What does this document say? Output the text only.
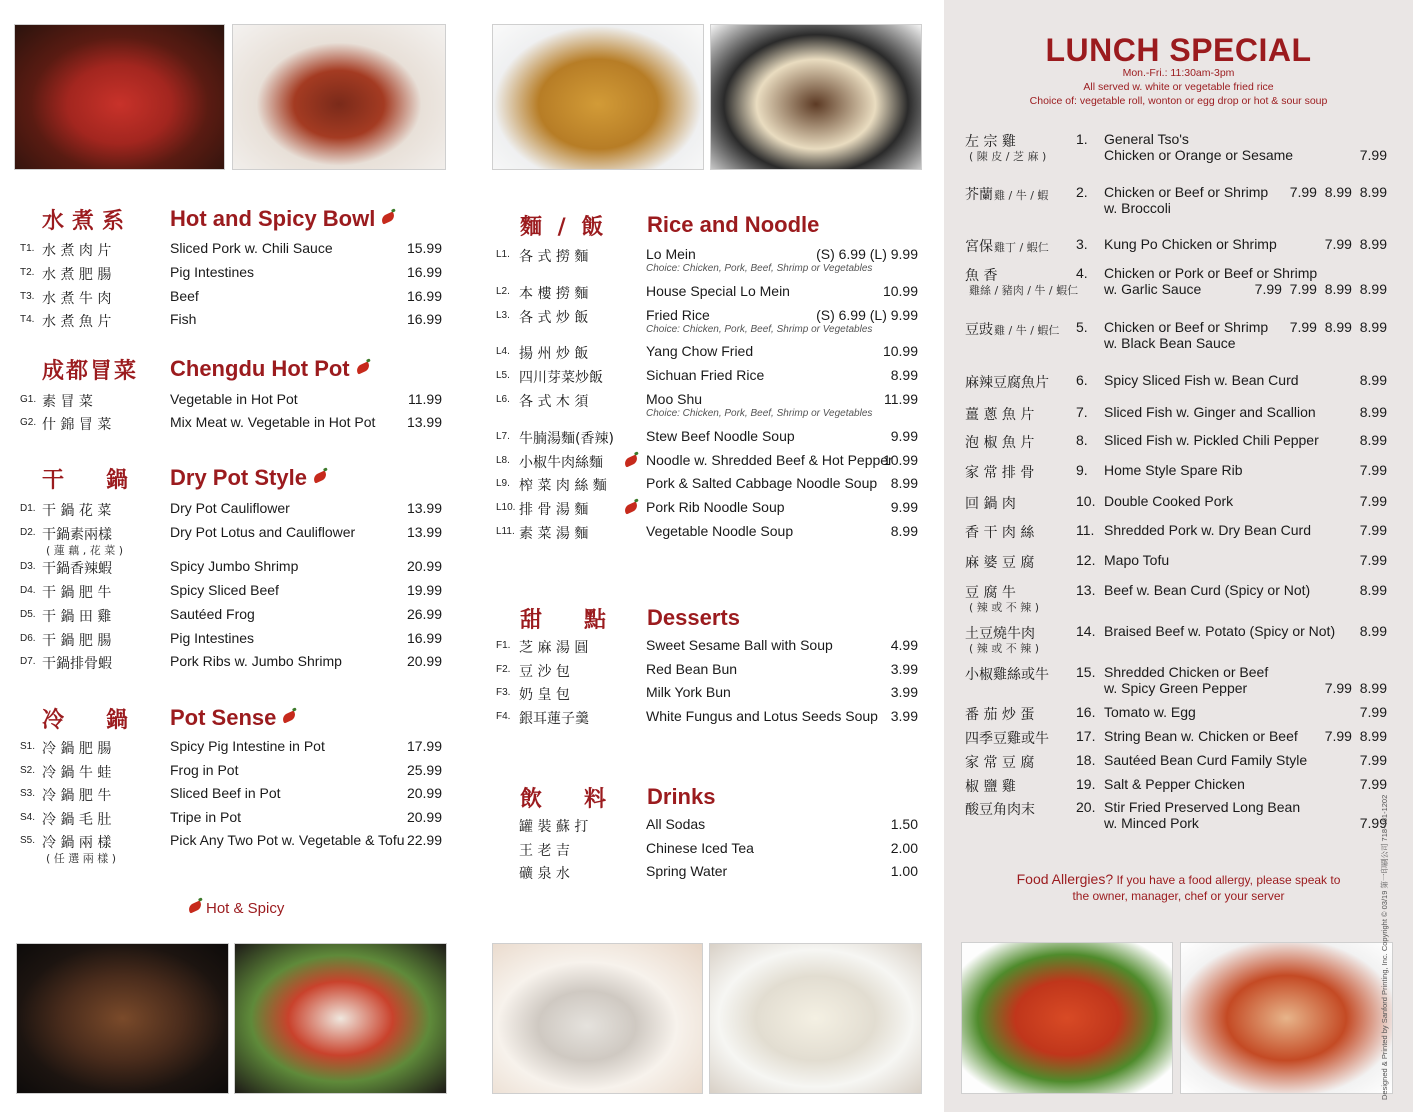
水煮系 Hot and Spicy Bowl
T1. 水 煮 肉 片	Sliced Pork w. Chili Sauce	15.99
T2. 水 煮 肥 腸	Pig Intestines	16.99
T3. 水 煮 牛 肉	Beef	16.99
T4. 水 煮 魚 片	Fish	16.99
成都冒菜 Chengdu Hot Pot
G1. 素 冒 菜	Vegetable in Hot Pot	11.99
G2. 什 錦 冒 菜	Mix Meat w. Vegetable in Hot Pot	13.99
干　鍋 Dry Pot Style
D1. 干 鍋 花 菜	Dry Pot Cauliflower	13.99
D2. 干鍋素兩樣
( 蓮 藕 , 花 菜 )
Dry Pot Lotus and Cauliflower	13.99
D3. 干鍋香辣蝦	Spicy Jumbo Shrimp	20.99
D4. 干 鍋 肥 牛	Spicy Sliced Beef	19.99
D5. 干 鍋 田 雞	Sautéed Frog	26.99
D6. 干 鍋 肥 腸	Pig Intestines	16.99
D7. 干鍋排骨蝦	Pork Ribs w. Jumbo Shrimp	20.99
冷　鍋 Pot Sense
S1. 冷 鍋 肥 腸	Spicy Pig Intestine in Pot	17.99
S2. 冷 鍋 牛 蛙	Frog in Pot	25.99
S3. 冷 鍋 肥 牛	Sliced Beef in Pot	20.99
S4. 冷 鍋 毛 肚	Tripe in Pot	20.99
S5. 冷 鍋 兩 樣
( 任 選 兩 樣 )
Pick Any Two Pot w. Vegetable & Tofu 22.99
Hot & Spicy
麵 / 飯 Rice and Noodle
L1. 各 式 撈 麵	Lo Mein	(S) 6.99 (L) 9.99
Choice: Chicken, Pork, Beef, Shrimp or Vegetables
L2. 本 樓 撈 麵	House Special Lo Mein	10.99
L3. 各 式 炒 飯	Fried Rice	(S) 6.99 (L) 9.99
Choice: Chicken, Pork, Beef, Shrimp or Vegetables
L4. 揚 州 炒 飯	Yang Chow Fried	10.99
L5. 四川芽菜炒飯	Sichuan Fried Rice	8.99
L6. 各 式 木 須	Moo Shu	11.99
Choice: Chicken, Pork, Beef, Shrimp or Vegetables
L7. 牛腩湯麵(香辣)	Stew Beef Noodle Soup	9.99
L8. 小椒牛肉絲麵	Noodle w. Shredded Beef & Hot Pepper
10.99
L9. 榨 菜 肉 絲 麵	Pork & Salted Cabbage Noodle Soup 8.99
L10. 排 骨 湯 麵	Pork Rib Noodle Soup	9.99
L11. 素 菜 湯 麵	Vegetable Noodle Soup	8.99
甜　點 Desserts
F1. 芝 麻 湯 圓	Sweet Sesame Ball with Soup	4.99
F2. 豆 沙 包	Red Bean Bun	3.99
F3. 奶 皇 包	Milk York Bun	3.99
F4. 銀耳蓮子羹	White Fungus and Lotus Seeds Soup 3.99
飲　料 Drinks
罐 裝 蘇 打	All Sodas	1.50
王 老 吉	Chinese Iced Tea	2.00
礦 泉 水	Spring Water	1.00
LUNCH SPECIAL
Mon.-Fri.: 11:30am-3pm
All served w. white or vegetable fried rice
Choice of: vegetable roll, wonton or egg drop or hot & sour soup
左 宗 雞
( 陳 皮 / 芝 麻 )
1. General Tso's
Chicken or Orange or Sesame	7.99
芥蘭 雞 / 牛 / 蝦 2. Chicken or Beef or Shrimp
w. Broccoli
7.99  8.99  8.99
宮保 雞丁 / 蝦仁 3. Kung Po Chicken or Shrimp	7.99  8.99
魚 香
雞絲 / 豬肉 / 牛 / 蝦仁
4. Chicken or Pork or Beef or Shrimp
w. Garlic Sauce	7.99  7.99  8.99  8.99
豆豉 雞 / 牛 / 蝦仁 5. Chicken or Beef or Shrimp
w. Black Bean Sauce
7.99  8.99  8.99
麻辣豆腐魚片 6. Spicy Sliced Fish w. Bean Curd	8.99
薑 蔥 魚 片	7. Sliced Fish w. Ginger and Scallion	8.99
泡 椒 魚 片	8. Sliced Fish w. Pickled Chili Pepper	8.99
家 常 排 骨	9. Home Style Spare Rib	7.99
回 鍋 肉	10. Double Cooked Pork	7.99
香 干 肉 絲	11. Shredded Pork w. Dry Bean Curd	7.99
麻 婆 豆 腐	12. Mapo Tofu	7.99
豆 腐 牛
( 辣 或 不 辣 )
13. Beef w. Bean Curd (Spicy or Not)	8.99
土豆燒牛肉
( 辣 或 不 辣 )
14. Braised Beef w. Potato (Spicy or Not)	8.99
小椒雞絲或牛 15. Shredded Chicken or Beef
w. Spicy Green Pepper	7.99  8.99
番 茄 炒 蛋	16. Tomato w. Egg	7.99
四季豆雞或牛 17. String Bean w. Chicken or Beef	7.99  8.99
家 常 豆 腐	18. Sautéed Bean Curd Family Style	7.99
椒 鹽 雞	19. Salt & Pepper Chicken	7.99
酸豆角肉末	20. Stir Fried Preserved Long Bean
w. Minced Pork	7.99
Food Allergies? If you have a food allergy, please speak to
the owner, manager, chef or your server	Designed & Printed by Sanford Printing, Inc. Copyright © 03/19 第一印刷公司 718-461-1202
